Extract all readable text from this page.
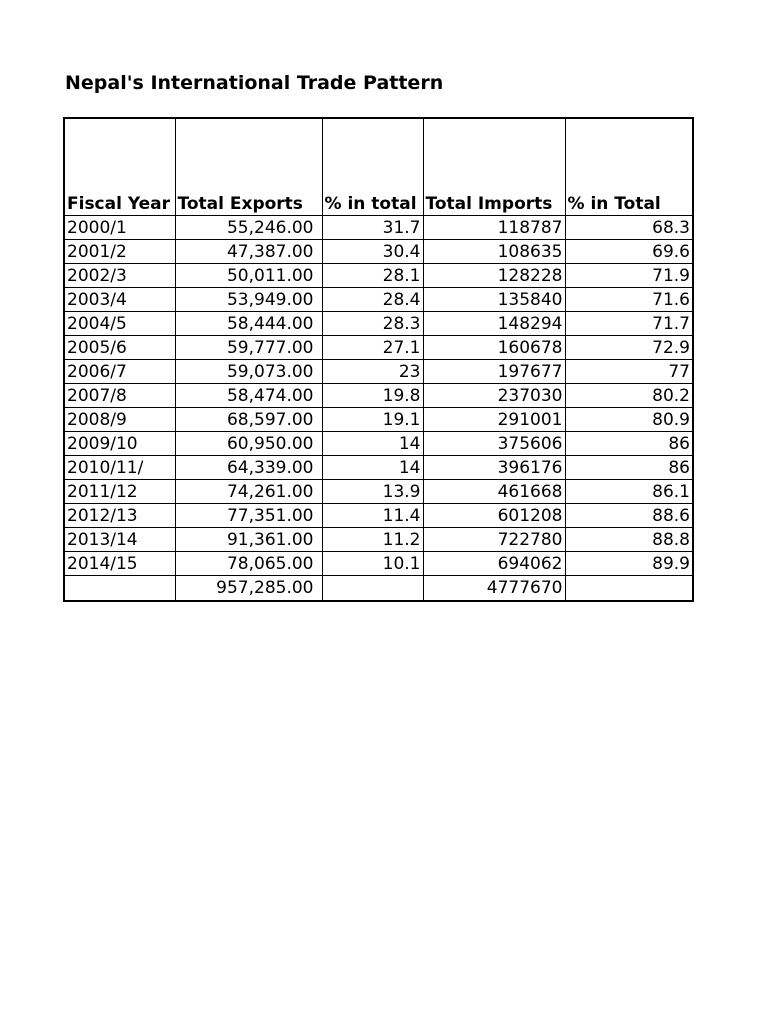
Nepal's International Trade Pattern
Fiscal Year	Total Exports	% in total	Total Imports	% in Total
2000/1	55,246.00	31.7	118787	68.3
2001/2	47,387.00	30.4	108635	69.6
2002/3	50,011.00	28.1	128228	71.9
2003/4	53,949.00	28.4	135840	71.6
2004/5	58,444.00	28.3	148294	71.7
2005/6	59,777.00	27.1	160678	72.9
2006/7	59,073.00	23	197677	77
2007/8	58,474.00	19.8	237030	80.2
2008/9	68,597.00	19.1	291001	80.9
2009/10	60,950.00	14	375606	86
2010/11/	64,339.00	14	396176	86
2011/12	74,261.00	13.9	461668	86.1
2012/13	77,351.00	11.4	601208	88.6
2013/14	91,361.00	11.2	722780	88.8
2014/15	78,065.00	10.1	694062	89.9
	957,285.00		4777670	
